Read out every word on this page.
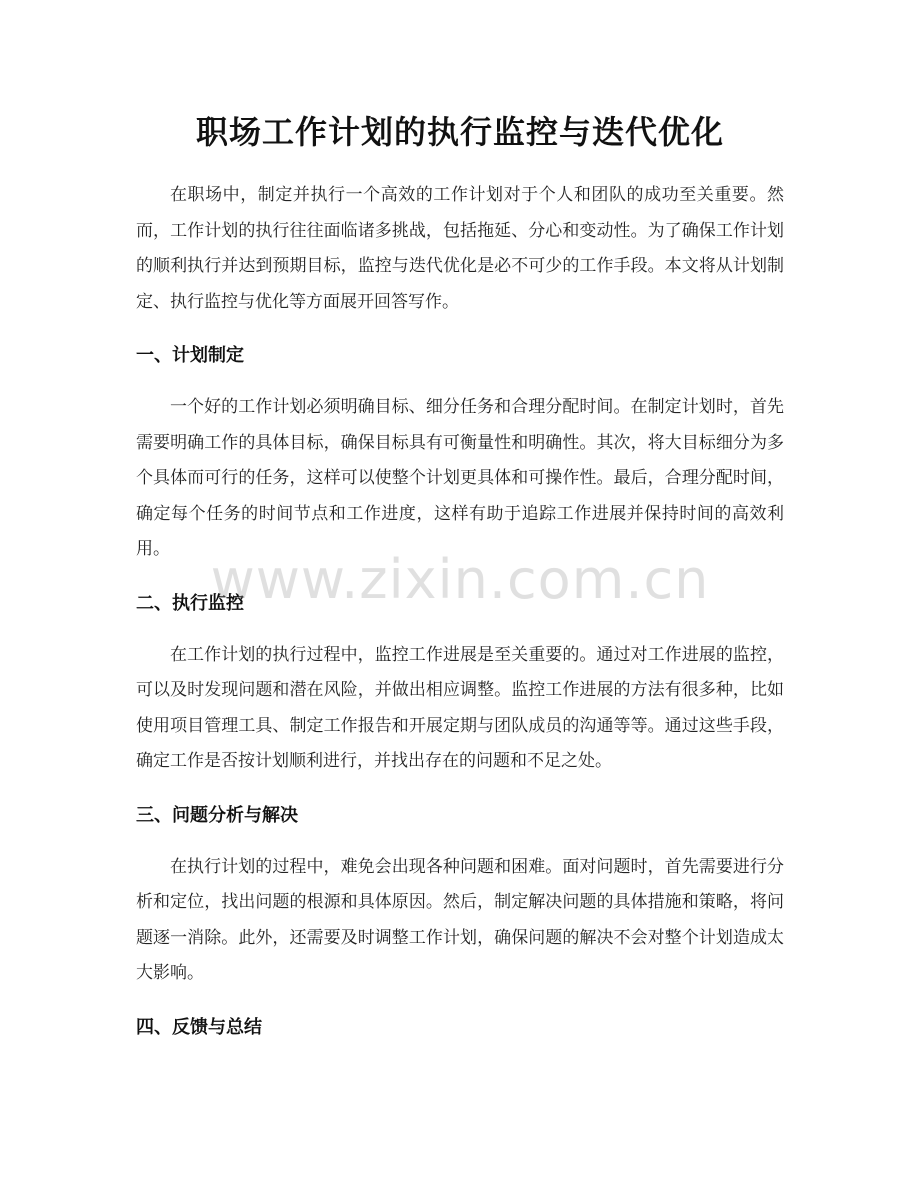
职场工作计划的执行监控与迭代优化

在职场中，制定并执行一个高效的工作计划对于个人和团队的成功至关重要。然而，工作计划的执行往往面临诸多挑战，包括拖延、分心和变动性。为了确保工作计划的顺利执行并达到预期目标，监控与迭代优化是必不可少的工作手段。本文将从计划制定、执行监控与优化等方面展开回答写作。

一、计划制定

一个好的工作计划必须明确目标、细分任务和合理分配时间。在制定计划时，首先需要明确工作的具体目标，确保目标具有可衡量性和明确性。其次，将大目标细分为多个具体而可行的任务，这样可以使整个计划更具体和可操作性。最后，合理分配时间，确定每个任务的时间节点和工作进度，这样有助于追踪工作进展并保持时间的高效利用。

二、执行监控

在工作计划的执行过程中，监控工作进展是至关重要的。通过对工作进展的监控，可以及时发现问题和潜在风险，并做出相应调整。监控工作进展的方法有很多种，比如使用项目管理工具、制定工作报告和开展定期与团队成员的沟通等等。通过这些手段，确定工作是否按计划顺利进行，并找出存在的问题和不足之处。

三、问题分析与解决

在执行计划的过程中，难免会出现各种问题和困难。面对问题时，首先需要进行分析和定位，找出问题的根源和具体原因。然后，制定解决问题的具体措施和策略，将问题逐一消除。此外，还需要及时调整工作计划，确保问题的解决不会对整个计划造成太大影响。

四、反馈与总结
www.zixin.com.cn
